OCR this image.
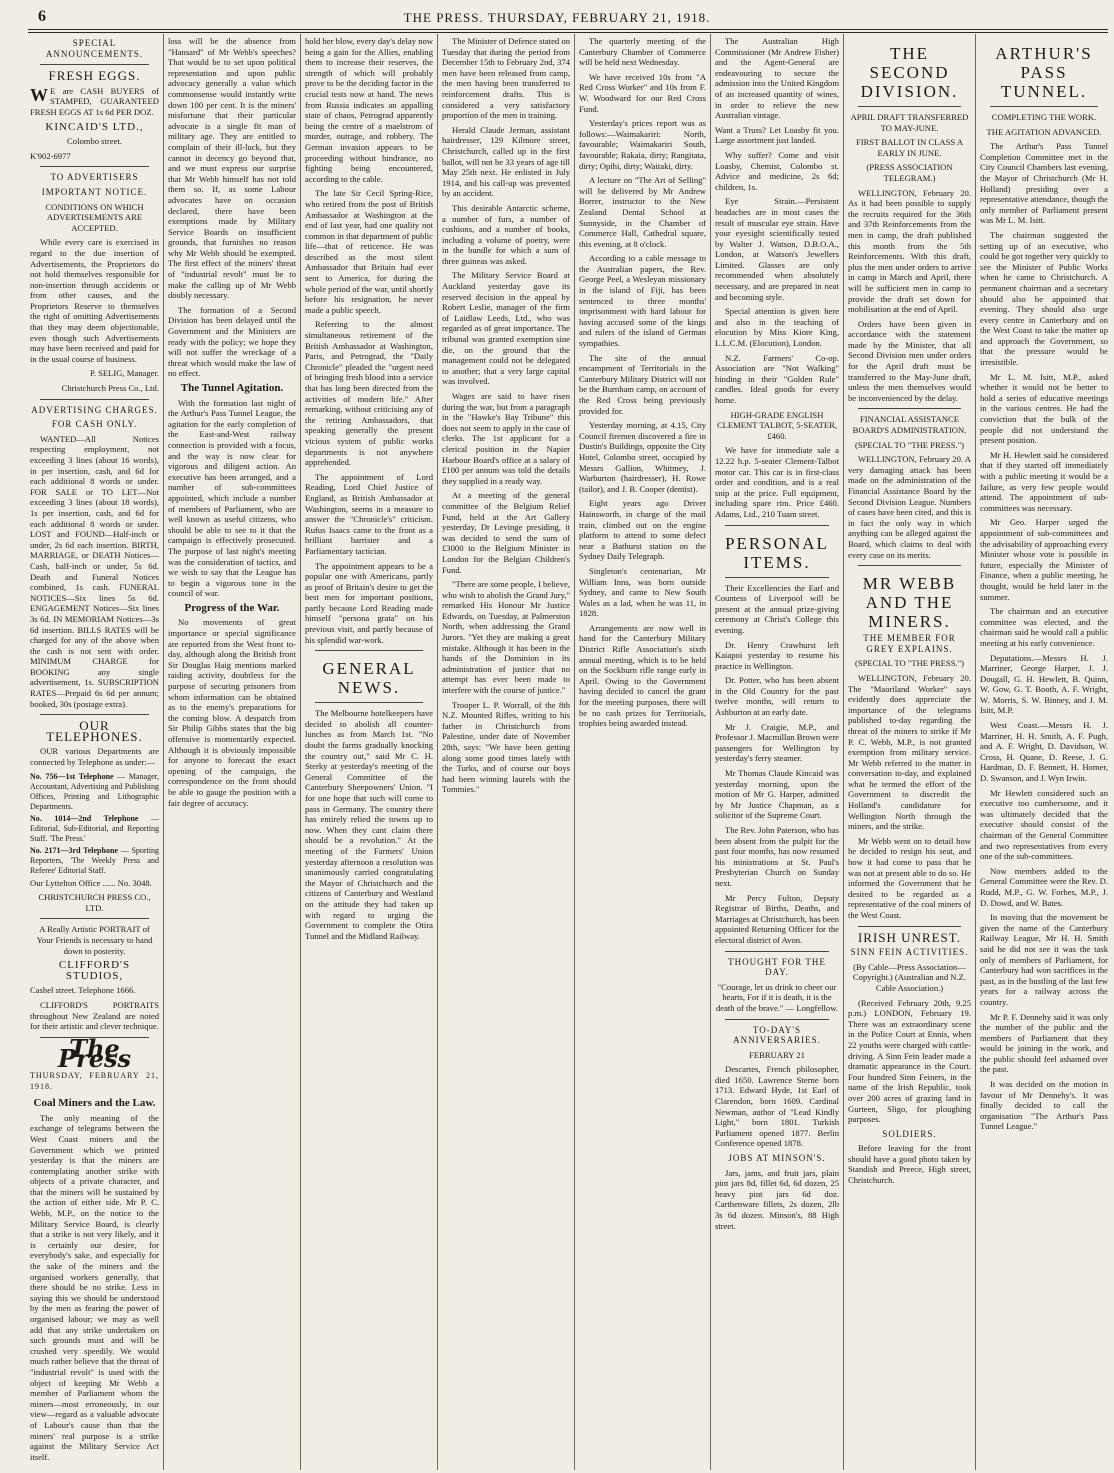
6	THE PRESS. THURSDAY, FEBRUARY 21, 1918.
SPECIAL ANNOUNCEMENTS.
FRESH EGGS.

W E are CASH BUYERS of STAMPED, GUARANTEED FRESH EGGS AT 1s 6d PER DOZ.

KINCAID'S LTD.,

Colombo street.

K'902-6977

TO ADVERTISERS
IMPORTANT NOTICE.

CONDITIONS ON WHICH ADVERTISEMENTS ARE ACCEPTED.

While every care is exercised in regard to the due insertion of Advertisements, the Proprietors do not hold themselves responsible for non-insertion through accidents or from other causes, and the Proprietors Reserve to themselves the right of omitting Advertisements that they may deem objectionable, even though such Advertisements may have been received and paid for in the usual course of business.

P. SELIG, Manager.

Christchurch Press Co., Ltd.

ADVERTISING CHARGES.
FOR CASH ONLY.

WANTED—All Notices respecting employment, not exceeding 3 lines (about 16 words), in per insertion, cash, and 6d for each additional 8 words or under. FOR SALE or TO LET—Not exceeding 3 lines (about 18 words), 1s per insertion, cash, and 6d for each additional 8 words or under. LOST and FOUND—Half-inch or under, 2s 6d each insertion. BIRTH, MARRIAGE, or DEATH Notices—Cash, half-inch or under, 5s 6d. Death and Funeral Notices combined, 1s cash. FUNERAL NOTICES—Six lines 5s 6d. ENGAGEMENT Notices—Six lines 3s 6d. IN MEMORIAM Notices—3s 6d insertion. BILLS RATES will be charged for any of the above when the cash is not sent with order. MINIMUM CHARGE for BOOKING any single advertisement, 1s. SUBSCRIPTION RATES—Prepaid 6s 6d per annum; booked, 30s (postage extra).

OUR TELEPHONES.

OUR various Departments are connected by Telephone as under:—

No. 756—1st Telephone — Manager, Accountant, Advertising and Publishing Offices, Printing and Lithographic Departments.
No. 1014—2nd Telephone — Editorial, Sub-Editorial, and Reporting Staff. 'The Press.'
No. 2171—3rd Telephone — Sporting Reporters, 'The Weekly Press and Referee' Editorial Staff.

Our Lyttelton Office ...... No. 3048.

CHRISTCHURCH PRESS CO., LTD.

A Really Artistic PORTRAIT of Your Friends is necessary to hand down to posterity.

CLIFFORD'S STUDIOS,

Cashel street. Telephone 1666.

CLIFFORD'S PORTRAITS throughout New Zealand are noted for their artistic and clever technique.

The Press
THURSDAY, FEBRUARY 21, 1918.
Coal Miners and the Law.

The only meaning of the exchange of telegrams between the West Coast miners and the Government which we printed yesterday is that the miners are contemplating another strike with objects of a private character, and that the miners will be sustained by the action of either side. Mr P. C. Webb, M.P., on the notice to the Military Service Board, is clearly that a strike is not very likely, and it is certainly our desire, for everybody's sake, and especially for the sake of the miners and the organised workers generally, that there should be no strike. Less in saying this we should be understood by the men as fearing the power of organised labour; we may as well add that any strike undertaken on such grounds must and will be crushed very speedily. We would much rather believe that the threat of "industrial revolt" is used with the object of keeping Mr Webb a member of Parliament whom the miners—most erroneously, in our view—regard as a valuable advocate of Labour's cause than that the miners' real purpose is a strike against the Military Service Act itself.

loss will be the absence from "Hansard" of Mr Webb's speeches? That would be to set upon political representation and upon public advocacy generally a value which commonsense would instantly write down 100 per cent. It is the miners' misfortune that their particular advocate is a single fit man of military age. They are entitled to complain of their ill-luck, but they cannot in decency go beyond that, and we must express our surprise that Mr Webb himself has not told them so. If, as some Labour advocates have on occasion declared, there have been exemptions made by Military Service Boards on insufficient grounds, that furnishes no reason why Mr Webb should be exempted. The first effect of the miners' threat of "industrial revolt" must be to make the calling up of Mr Webb doubly necessary.

The formation of a Second Division has been delayed until the Government and the Ministers are ready with the policy; we hope they will not suffer the wreckage of a threat which would make the law of no effect.

The Tunnel Agitation.

With the formation last night of the Arthur's Pass Tunnel League, the agitation for the early completion of the East-and-West railway connection is provided with a focus, and the way is now clear for vigorous and diligent action. An executive has been arranged, and a number of sub-committees appointed, which include a number of members of Parliament, who are well known as useful citizens, who should be able to see to it that the campaign is effectively prosecuted. The purpose of last night's meeting was the consideration of tactics, and we wish to say that the League has to begin a vigorous tone in the council of war.

Progress of the War.

No movements of great importance or special significance are reported from the West front to-day, although along the British front Sir Douglas Haig mentions marked raiding activity, doubtless for the purpose of securing prisoners from whom information can be obtained as to the enemy's preparations for the coming blow. A despatch from Sir Philip Gibbs states that the big offensive is momentarily expected. Although it is obviously impossible for anyone to forecast the exact opening of the campaign, the correspondence on the front should be able to gauge the position with a fair degree of accuracy.

hold her blow, every day's delay now being a gain for the Allies, enabling them to increase their reserves, the strength of which will probably prove to be the deciding factor in the crucial tests now at hand. The news from Russia indicates an appalling state of chaos, Petrograd apparently being the centre of a maelstrom of murder, outrage, and robbery. The German invasion appears to be proceeding without hindrance, no fighting being encountered, according to the cable.

The late Sir Cecil Spring-Rice, who retired from the post of British Ambassador at Washington at the end of last year, had one quality not common in that department of public life—that of reticence. He was described as the most silent Ambassador that Britain had ever sent to America, for during the whole period of the war, until shortly before his resignation, he never made a public speech.

Referring to the almost simultaneous retirement of the British Ambassador at Washington, Paris, and Petrograd, the "Daily Chronicle" pleaded the "urgent need of bringing fresh blood into a service that has long been directed from the activities of modern life." After remarking, without criticising any of the retiring Ambassadors, that speaking generally the present vicious system of public works departments is not anywhere apprehended.

The appointment of Lord Reading, Lord Chief Justice of England, as British Ambassador at Washington, seems in a measure to answer the "Chronicle's" criticism. Rufus Isaacs came to the front as a brilliant barrister and a Parliamentary tactician.

The appointment appears to be a popular one with Americans, partly as proof of Britain's desire to get the best men for important positions, partly because Lord Reading made himself "persona grata" on his previous visit, and partly because of his splendid war-work.

GENERAL NEWS.

The Melbourne hotelkeepers have decided to abolish all counter-lunches as from March 1st. "No doubt the farms gradually knocking the country out," said Mr C. H. Sterky at yesterday's meeting of the General Committee of the Canterbury Sheepowners' Union. "I for one hope that such will come to pass in Germany. The country there has entirely relied the towns up to now. When they cant claim there should be a revolution." At the meeting of the Farmers' Union yesterday afternoon a resolution was unanimously carried congratulating the Mayor of Christchurch and the citizens of Canterbury and Westland on the attitude they had taken up with regard to urging the Government to complete the Otira Tunnel and the Midland Railway.

The Minister of Defence stated on Tuesday that during the period from December 15th to February 2nd, 374 men have been released from camp, the men having been transferred to reinforcement drafts. This is considered a very satisfactory proportion of the men in training.

Herald Claude Jerman, assistant hairdresser, 129 Kilmore street, Christchurch, called up in the first ballot, will not be 33 years of age till May 25th next. He enlisted in July 1914, and his call-up was prevented by an accident.

This desirable Antarctic scheme, a number of furs, a number of cushions, and a number of books, including a volume of poetry, were in the bundle for which a sum of three guineas was asked.

The Military Service Board at Auckland yesterday gave its reserved decision in the appeal by Robert Leslie, manager of the firm of Laidlaw Leeds, Ltd., who was regarded as of great importance. The tribunal was granted exemption sine die, on the ground that the management could not be delegated to another; that a very large capital was involved.

Wages are said to have risen during the war, but from a paragraph in the "Hawke's Bay Tribune" this does not seem to apply in the case of clerks. The 1st applicant for a clerical position in the Napier Harbour Board's office at a salary of £100 per annum was told the details they supplied in a ready way.

At a meeting of the general committee of the Belgium Relief Fund, held at the Art Gallery yesterday, Dr Levinge presiding, it was decided to send the sum of £3000 to the Belgium Minister in London for the Belgian Children's Fund.

"There are some people, I believe, who wish to abolish the Grand Jury," remarked His Honour Mr Justice Edwards, on Tuesday, at Palmerston North, when addressing the Grand Jurors. "Yet they are making a great mistake. Although it has been in the hands of the Dominion in its administration of justice that no attempt has ever been made to interfere with the course of justice."

Trooper L. P. Worrall, of the 8th N.Z. Mounted Rifles, writing to his father in Christchurch from Palestine, under date of November 28th, says: "We have been getting along some good times lately with the Turks, and of course our boys had been winning laurels with the Tommies."

The quarterly meeting of the Canterbury Chamber of Commerce will be held next Wednesday.

We have received 10s from "A Red Cross Worker" and 10s from F. W. Woodward for our Red Cross Fund.

Yesterday's prices report was as follows:—Waimakariri: North, favourable; Waimakariri South, favourable; Rakaia, dirty; Rangitata, dirty; Opihi, dirty; Waitaki, dirty.

A lecture on "The Art of Selling" will be delivered by Mr Andrew Borrer, instructor to the New Zealand Dental School at Sunnyside, in the Chamber of Commerce Hall, Cathedral square, this evening, at 8 o'clock.

According to a cable message to the Australian papers, the Rev. George Peel, a Wesleyan missionary in the island of Fiji, has been sentenced to three months' imprisonment with hard labour for having accused some of the kings and rulers of the island of German sympathies.

The site of the annual encampment of Territorials in the Canterbury Military District will not be the Burnham camp, on account of the Red Cross being previously provided for.

Yesterday morning, at 4.15, City Council firemen discovered a fire in Dustin's Buildings, opposite the City Hotel, Colombo street, occupied by Messrs Gallion, Whitmey, J. Warburton (hairdresser), H. Rowe (tailor), and J. B. Cooper (dentist).

Eight years ago Driver Hainsworth, in charge of the mail train, climbed out on the engine platform to attend to some defect near a Bathurst station on the Sydney Daily Telegraph.

Singleton's centenarian, Mr William Inns, was born outside Sydney, and came to New South Wales as a lad, when he was 11, in 1828.

Arrangements are now well in hand for the Canterbury Military District Rifle Association's sixth annual meeting, which is to be held on the Sockburn rifle range early in April. Owing to the Government having decided to cancel the grant for the meeting purposes, there will be no cash prizes for Territorials, trophies being awarded instead.

The Australian High Commissioner (Mr Andrew Fisher) and the Agent-General are endeavouring to secure the admission into the United Kingdom of an increased quantity of wines, in order to relieve the new Australian vintage.

Want a Truss? Let Loasby fit you. Large assortment just landed.

Why suffer? Come and visit Loasby, Chemist, Colombo st. Advice and medicine, 2s 6d; children, 1s.

Eye Strain.—Persistent headaches are in most cases the result of muscular eye strain. Have your eyesight scientifically tested by Walter J. Watson, D.B.O.A., London, at Watson's Jewellers Limited. Glasses are only recommended when absolutely necessary, and are prepared in neat and becoming style.

Special attention is given here and also in the teaching of elocution by Miss Kiore King, L.L.C.M. (Elocution), London.

N.Z. Farmers' Co-op. Association are "Not Walking" binding in their "Golden Rule" candles. Ideal goods for every home.

HIGH-GRADE ENGLISH CLEMENT TALBOT, 5-SEATER, £460.

We have for immediate sale a 12.22 h.p. 5-seater Clement-Talbot motor car. This car is in first-class order and condition, and is a real snip at the price. Full equipment, including spare rim. Price £460. Adams, Ltd., 210 Tuam street.

PERSONAL ITEMS.

Their Excellencies the Earl and Countess of Liverpool will be present at the annual prize-giving ceremony at Christ's College this evening.

Dr. Henry Crawhurst left Kaiapoi yesterday to resume his practice in Wellington.

Dr. Potter, who has been absent in the Old Country for the past twelve months, will return to Ashburton at an early date.

Mr J. Craigie, M.P., and Professor J. Macmillan Brown were passengers for Wellington by yesterday's ferry steamer.

Mr Thomas Claude Kincaid was yesterday morning, upon the motion of Mr G. Harper, admitted by Mr Justice Chapman, as a solicitor of the Supreme Court.

The Rev. John Paterson, who has been absent from the pulpit for the past four months, has now resumed his ministrations at St. Paul's Presbyterian Church on Sunday next.

Mr Percy Fulton, Deputy Registrar of Births, Deaths, and Marriages at Christchurch, has been appointed Returning Officer for the electoral district of Avon.

THOUGHT FOR THE DAY.

"Courage, let us drink to cheer our hearts, For if it is death, it is the death of the brave." — Longfellow.

TO-DAY'S ANNIVERSARIES.

FEBRUARY 21

Descartes, French philosopher, died 1650. Lawrence Sterne born 1713. Edward Hyde, 1st Earl of Clarendon, born 1609. Cardinal Newman, author of "Lead Kindly Light," born 1801. Turkish Parliament opened 1877. Berlin Conference opened 1878.

JOBS AT MINSON'S.

Jars, jams, and fruit jars, plain pint jars 8d, fillet 6d, 6d dozen, 25 heavy pint jars 6d doz. Carthenware fillets, 2s dozen, 2lb 3s 6d dozen. Minson's, 88 High street.

THE SECOND DIVISION.

APRIL DRAFT TRANSFERRED TO MAY-JUNE.

FIRST BALLOT IN CLASS A EARLY IN JUNE.

(PRESS ASSOCIATION TELEGRAM.)

WELLINGTON, February 20. As it had been possible to supply the recruits required for the 36th and 37th Reinforcements from the men in camp, the draft published this month from the 5th Reinforcements. With this draft, plus the men under orders to arrive in camp in March and April, there will be sufficient men in camp to provide the draft set down for mobilisation at the end of April.

Orders have been given in accordance with the statement made by the Minister, that all Second Division men under orders for the April draft must be transferred to the May-June draft, unless the men themselves would be inconvenienced by the delay.

FINANCIAL ASSISTANCE BOARD'S ADMINISTRATION.

(SPECIAL TO "THE PRESS.")

WELLINGTON, February 20. A very damaging attack has been made on the administration of the Financial Assistance Board by the Second Division League. Numbers of cases have been cited, and this is in fact the only way in which anything can be alleged against the Board, which claims to deal with every case on its merits.

MR WEBB AND THE MINERS.
THE MEMBER FOR GREY EXPLAINS.

(SPECIAL TO "THE PRESS.")

WELLINGTON, February 20. The "Maoriland Worker" says evidently does appreciate the importance of the telegrams published to-day regarding the threat of the miners to strike if Mr P. C. Webb, M.P., is not granted exemption from military service. Mr Webb referred to the matter in conversation to-day, and explained what he termed the effort of the Government to discredit the Holland's candidature for Wellington North through the miners, and the strike.

Mr Webb went on to detail how he decided to resign his seat, and how it had come to pass that he was not at present able to do so. He informed the Government that he desired to be regarded as a representative of the coal miners of the West Coast.

IRISH UNREST.
SINN FEIN ACTIVITIES.

(By Cable—Press Association—Copyright.) (Australian and N.Z. Cable Association.)

(Received February 20th, 9.25 p.m.) LONDON, February 19. There was an extraordinary scene in the Police Court at Ennis, when 22 youths were charged with cattle-driving. A Sinn Fein leader made a dramatic appearance in the Court. Four hundred Sinn Feiners, in the name of the Irish Republic, took over 200 acres of grazing land in Gurteen, Sligo, for ploughing purposes.

SOLDIERS.

Before leaving for the front should have a good photo taken by Standish and Preece, High street, Christchurch.

ARTHUR'S PASS TUNNEL.

COMPLETING THE WORK.

THE AGITATION ADVANCED.

The Arthur's Pass Tunnel Completion Committee met in the City Council Chambers last evening, the Mayor of Christchurch (Mr H. Holland) presiding over a representative attendance, though the only member of Parliament present was Mr L. M. Isitt.

The chairman suggested the setting up of an executive, who could be got together very quickly to see the Minister of Public Works when he came to Christchurch. A permanent chairman and a secretary should also be appointed that evening. They should also urge every centre in Canterbury and on the West Coast to take the matter up and approach the Government, so that the pressure would be irresistible.

Mr L. M. Isitt, M.P., asked whether it would not be better to hold a series of educative meetings in the various centres. He had the conviction that the bulk of the people did not understand the present position.

Mr H. Hewlett said he considered that if they started off immediately with a public meeting it would be a failure, as very few people would attend. The appointment of sub-committees was necessary.

Mr Geo. Harper urged the appointment of sub-committees and the advisability of approaching every Minister whose vote is possible in future, especially the Minister of Finance, when a public meeting, he thought, would be held later in the summer.

The chairman and an executive committee was elected, and the chairman said he would call a public meeting at his early convenience.

Deputations.—Messrs H. J. Marriner, George Harper, J. J. Dougall, G. H. Hewlett, B. Quinn, W. Gow, G. T. Booth, A. F. Wright, W. Morris, S. W. Binney, and J. M. Isitt, M.P.

West Coast.—Messrs H. J. Marriner, H. H. Smith, A. F. Pugh, and A. F. Wright, D. Davidson, W. Cross, H. Quane, D. Reese, J. G. Hardman, D. F. Bennett, H. Homer, D. Swanson, and J. Wyn Irwin.

Mr Hewlett considered such an executive too cumbersome, and it was ultimately decided that the executive should consist of the chairman of the General Committee and two representatives from every one of the sub-committees.

Now members added to the General Committee were the Rev. D. Rudd, M.P., G. W. Forbes, M.P., J. D. Dowd, and W. Bates.

In moving that the movement be given the name of the Canterbury Railway League, Mr H. H. Smith said he did not see it was the task only of members of Parliament, for Canterbury had won sacrifices in the past, as in the bustling of the last few years for a railway across the country.

Mr P. F. Dennehy said it was only the number of the public and the members of Parliament that they would be joining in the work, and the public should feel ashamed over the past.

It was decided on the motion in favour of Mr Dennehy's. It was finally decided to call the organisation "The Arthur's Pass Tunnel League."
